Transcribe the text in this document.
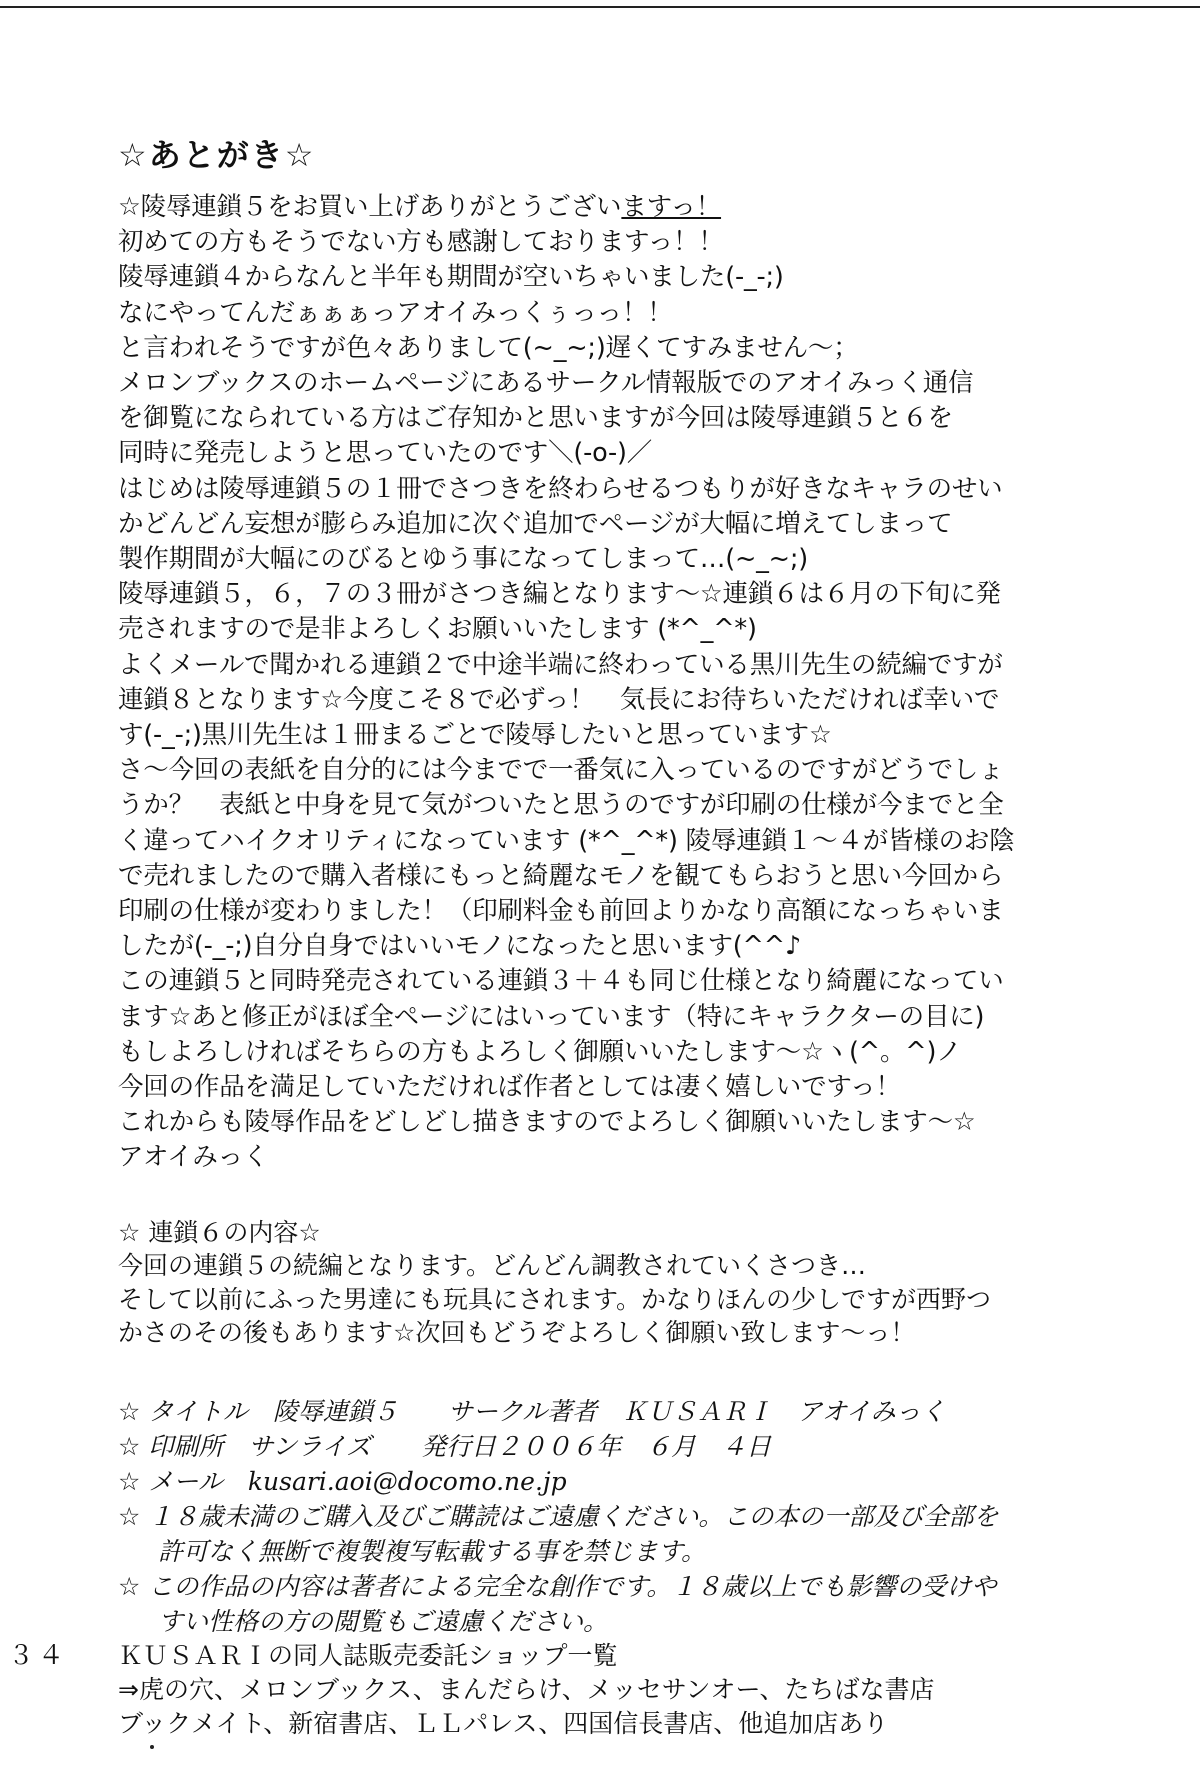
☆あとがき☆

☆陵辱連鎖５をお買い上げありがとうございますっ！

初めての方もそうでない方も感謝しておりますっ！！

陵辱連鎖４からなんと半年も期間が空いちゃいました(-_-;)

なにやってんだぁぁぁっアオイみっくぅっっ！！

と言われそうですが色々ありまして(~_~;)遅くてすみません～；

メロンブックスのホームページにあるサークル情報版でのアオイみっく通信

を御覧になられている方はご存知かと思いますが今回は陵辱連鎖５と６を

同時に発売しようと思っていたのです＼(-o-)／

はじめは陵辱連鎖５の１冊でさつきを終わらせるつもりが好きなキャラのせい

かどんどん妄想が膨らみ追加に次ぐ追加でページが大幅に増えてしまって

製作期間が大幅にのびるとゆう事になってしまって…(~_~;)

陵辱連鎖５，６，７の３冊がさつき編となります～☆連鎖６は６月の下旬に発

売されますので是非よろしくお願いいたします (*^_^*)

よくメールで聞かれる連鎖２で中途半端に終わっている黒川先生の続編ですが

連鎖８となります☆今度こそ８で必ずっ！　気長にお待ちいただければ幸いで

す(-_-;)黒川先生は１冊まるごとで陵辱したいと思っています☆

さ～今回の表紙を自分的には今までで一番気に入っているのですがどうでしょ

うか？　表紙と中身を見て気がついたと思うのですが印刷の仕様が今までと全

く違ってハイクオリティになっています (*^_^*) 陵辱連鎖１～４が皆様のお陰

で売れましたので購入者様にもっと綺麗なモノを観てもらおうと思い今回から

印刷の仕様が変わりました！（印刷料金も前回よりかなり高額になっちゃいま

したが(-_-;)自分自身ではいいモノになったと思います(^^♪

この連鎖５と同時発売されている連鎖３＋４も同じ仕様となり綺麗になってい

ます☆あと修正がほぼ全ページにはいっています（特にキャラクターの目に)

もしよろしければそちらの方もよろしく御願いいたします～☆ヽ(^。^)ノ

今回の作品を満足していただければ作者としては凄く嬉しいですっ！

これからも陵辱作品をどしどし描きますのでよろしく御願いいたします～☆

アオイみっく

☆ 連鎖６の内容☆

今回の連鎖５の続編となります。どんどん調教されていくさつき…

そして以前にふった男達にも玩具にされます。かなりほんの少しですが西野つ

かさのその後もあります☆次回もどうぞよろしく御願い致します～っ！

☆ タイトル　陵辱連鎖５　　サークル著者　ＫＵＳＡＲＩ　アオイみっく

☆ 印刷所　サンライズ　　発行日２００６年　６月　４日

☆ メール　kusari.aoi@docomo.ne.jp

☆ １８歳未満のご購入及びご購読はご遠慮ください。この本の一部及び全部を

許可なく無断で複製複写転載する事を禁じます。

☆ この作品の内容は著者による完全な創作です。１８歳以上でも影響の受けや

すい性格の方の閲覧もご遠慮ください。

ＫＵＳＡＲＩの同人誌販売委託ショップ一覧

⇒虎の穴、メロンブックス、まんだらけ、メッセサンオー、たちばな書店

ブックメイト、新宿書店、ＬＬパレス、四国信長書店、他追加店あり

３４
